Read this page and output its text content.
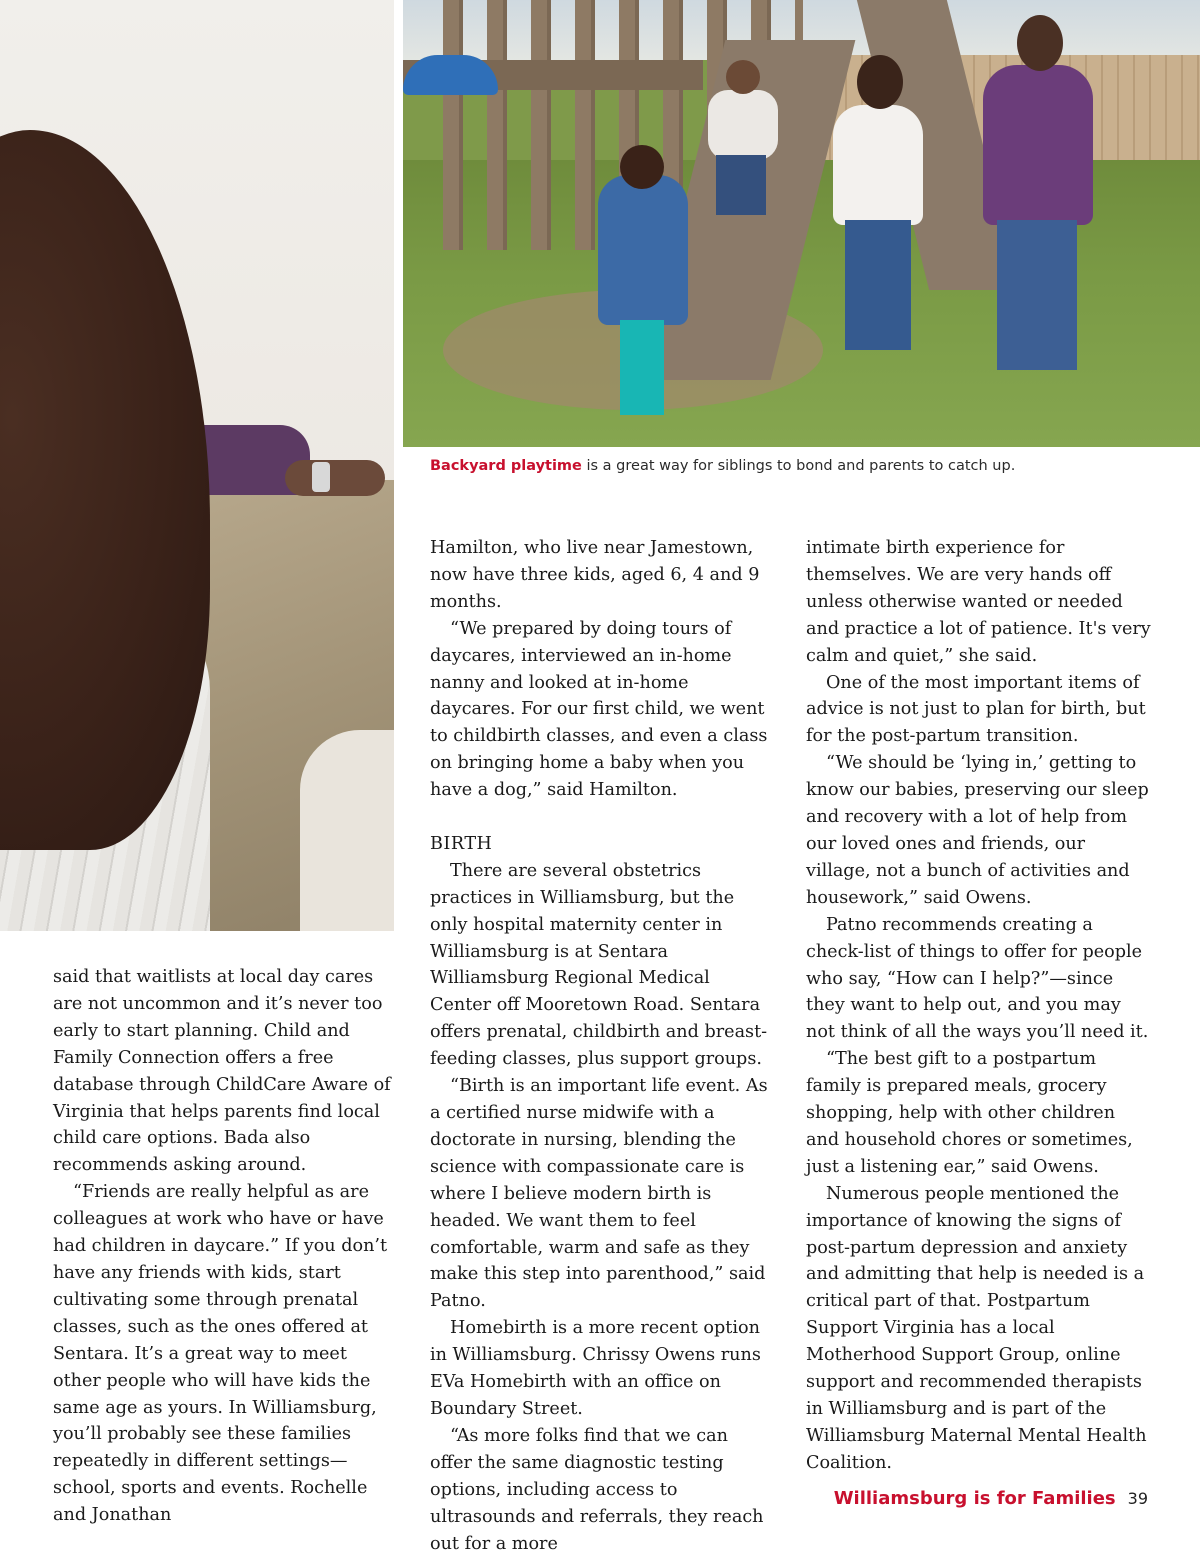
Backyard playtime is a great way for siblings to bond and parents to catch up.

said that waitlists at local day cares are not uncommon and it’s never too early to start planning. Child and Family Connection offers a free database through ChildCare Aware of Virginia that helps parents find local child care options. Bada also recommends asking around.

“Friends are really helpful as are colleagues at work who have or have had children in daycare.” If you don’t have any friends with kids, start cultivating some through prenatal classes, such as the ones offered at Sentara. It’s a great way to meet other people who will have kids the same age as yours. In Williamsburg, you’ll probably see these families repeatedly in different settings—school, sports and events. Rochelle and Jonathan

Hamilton, who live near Jamestown, now have three kids, aged 6, 4 and 9 months.

“We prepared by doing tours of daycares, interviewed an in-home nanny and looked at in-home daycares. For our first child, we went to childbirth classes, and even a class on bringing home a baby when you have a dog,” said Hamilton.

BIRTH

There are several obstetrics practices in Williamsburg, but the only hospital maternity center in Williamsburg is at Sentara Williamsburg Regional Medical Center off Mooretown Road. Sentara offers prenatal, childbirth and breast-feeding classes, plus support groups.

“Birth is an important life event. As a certified nurse midwife with a doctorate in nursing, blending the science with compassionate care is where I believe modern birth is headed. We want them to feel comfortable, warm and safe as they make this step into parenthood,” said Patno.

Homebirth is a more recent option in Williamsburg. Chrissy Owens runs EVa Homebirth with an office on Boundary Street.

“As more folks find that we can offer the same diagnostic testing options, including access to ultrasounds and referrals, they reach out for a more

intimate birth experience for themselves. We are very hands off unless otherwise wanted or needed and practice a lot of patience. It's very calm and quiet,” she said.

One of the most important items of advice is not just to plan for birth, but for the post-partum transition.

“We should be ‘lying in,’ getting to know our babies, preserving our sleep and recovery with a lot of help from our loved ones and friends, our village, not a bunch of activities and housework,” said Owens.

Patno recommends creating a check-list of things to offer for people who say, “How can I help?”—since they want to help out, and you may not think of all the ways you’ll need it.

“The best gift to a postpartum family is prepared meals, grocery shopping, help with other children and household chores or sometimes, just a listening ear,” said Owens.

Numerous people mentioned the importance of knowing the signs of post-partum depression and anxiety and admitting that help is needed is a critical part of that. Postpartum Support Virginia has a local Motherhood Support Group, online support and recommended therapists in Williamsburg and is part of the Williamsburg Maternal Mental Health Coalition.

Williamsburg is for Families 39
